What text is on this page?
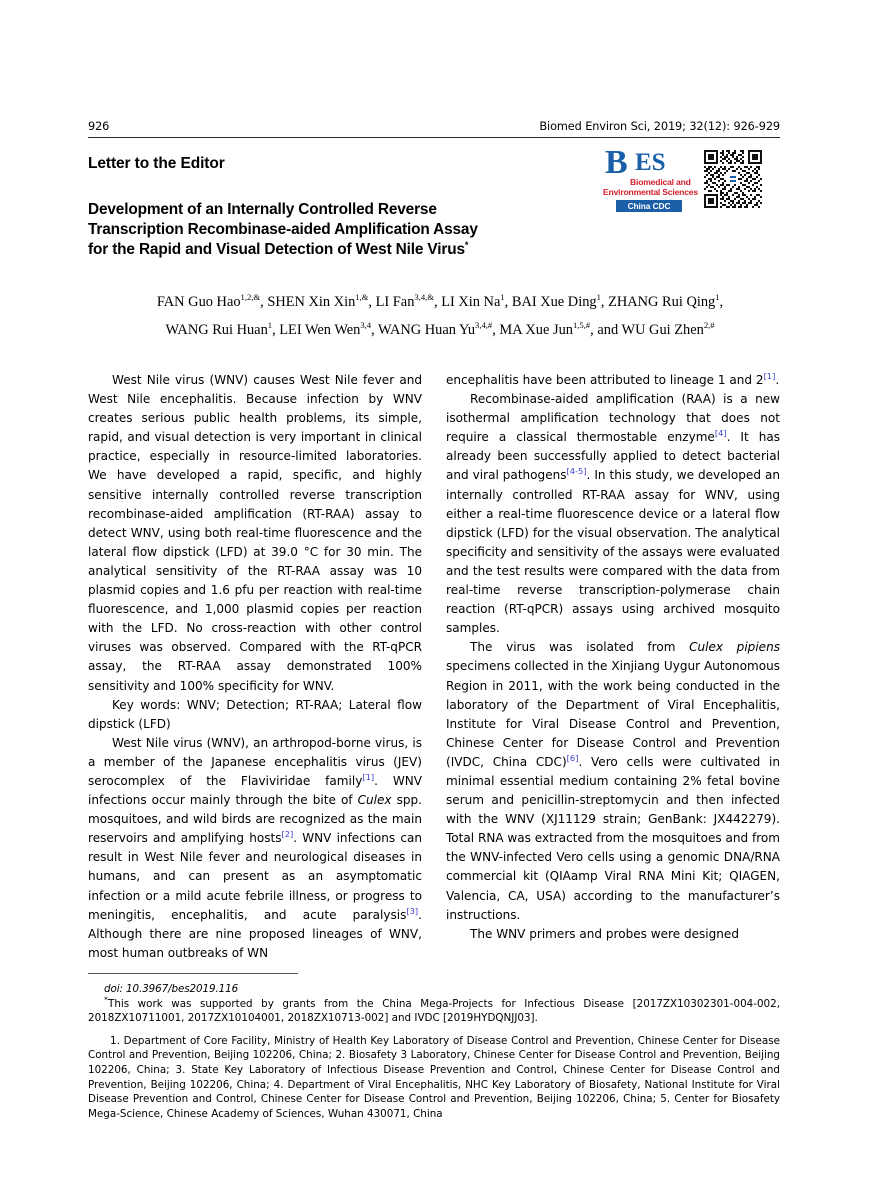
926	Biomed Environ Sci, 2019; 32(12): 926-929
Letter to the Editor	B ES
Biomedical and
Environmental Sciences
China CDC
Development of an Internally Controlled Reverse
Transcription Recombinase-aided Amplification Assay
for the Rapid and Visual Detection of West Nile Virus*
FAN Guo Hao$^{1,2,\&}$, SHEN Xin Xin$^{1,\&}$, LI Fan$^{3,4,\&}$, LI Xin Na$^1$, BAI Xue Ding$^1$, ZHANG Rui Qing$^1$,
WANG Rui Huan$^1$, LEI Wen Wen$^{3,4}$, WANG Huan $Yu^{3,4,\#}$, MA Xue Jun$^{1,5,\#}$, and WU Gui Zhen$^{2,\#}$

West Nile virus (WNV) causes West Nile fever and West Nile encephalitis. Because infection by WNV creates serious public health problems, its simple, rapid, and visual detection is very important in clinical practice, especially in resource-limited laboratories. We have developed a rapid, specific, and highly sensitive internally controlled reverse transcription recombinase-aided amplification (RT-RAA) assay to detect WNV, using both real-time fluorescence and the lateral flow dipstick (LFD) at 39.0 °C for 30 min. The analytical sensitivity of the RT-RAA assay was 10 plasmid copies and 1.6 pfu per reaction with real-time fluorescence, and 1,000 plasmid copies per reaction with the LFD. No cross-reaction with other control viruses was observed. Compared with the RT-qPCR assay, the RT-RAA assay demonstrated 100% sensitivity and 100% specificity for WNV.

Key words: WNV; Detection; RT-RAA; Lateral flow dipstick (LFD)

West Nile virus (WNV), an arthropod-borne virus, is a member of the Japanese encephalitis virus (JEV) serocomplex of the Flaviviridae family[1]. WNV infections occur mainly through the bite of Culex spp. mosquitoes, and wild birds are recognized as the main reservoirs and amplifying hosts[2]. WNV infections can result in West Nile fever and neurological diseases in humans, and can present as an asymptomatic infection or a mild acute febrile illness, or progress to meningitis, encephalitis, and acute paralysis[3]. Although there are nine proposed lineages of WNV, most human outbreaks of WN

encephalitis have been attributed to lineage 1 and 2[1].

Recombinase-aided amplification (RAA) is a new isothermal amplification technology that does not require a classical thermostable enzyme[4]. It has already been successfully applied to detect bacterial and viral pathogens[4-5]. In this study, we developed an internally controlled RT-RAA assay for WNV, using either a real-time fluorescence device or a lateral flow dipstick (LFD) for the visual observation. The analytical specificity and sensitivity of the assays were evaluated and the test results were compared with the data from real-time reverse transcription-polymerase chain reaction (RT-qPCR) assays using archived mosquito samples.

The virus was isolated from Culex pipiens specimens collected in the Xinjiang Uygur Autonomous Region in 2011, with the work being conducted in the laboratory of the Department of Viral Encephalitis, Institute for Viral Disease Control and Prevention, Chinese Center for Disease Control and Prevention (IVDC, China CDC)[6]. Vero cells were cultivated in minimal essential medium containing 2% fetal bovine serum and penicillin-streptomycin and then infected with the WNV (XJ11129 strain; GenBank: JX442279). Total RNA was extracted from the mosquitoes and from the WNV-infected Vero cells using a genomic DNA/RNA commercial kit (QIAamp Viral RNA Mini Kit; QIAGEN, Valencia, CA, USA) according to the manufacturer’s instructions.

The WNV primers and probes were designed

doi: 10.3967/bes2019.116

*This work was supported by grants from the China Mega-Projects for Infectious Disease [2017ZX10302301-004-002, 2018ZX10711001, 2017ZX10104001, 2018ZX10713-002] and IVDC [2019HYDQNJJ03].

1. Department of Core Facility, Ministry of Health Key Laboratory of Disease Control and Prevention, Chinese Center for Disease Control and Prevention, Beijing 102206, China; 2. Biosafety 3 Laboratory, Chinese Center for Disease Control and Prevention, Beijing 102206, China; 3. State Key Laboratory of Infectious Disease Prevention and Control, Chinese Center for Disease Control and Prevention, Beijing 102206, China; 4. Department of Viral Encephalitis, NHC Key Laboratory of Biosafety, National Institute for Viral Disease Prevention and Control, Chinese Center for Disease Control and Prevention, Beijing 102206, China; 5. Center for Biosafety Mega-Science, Chinese Academy of Sciences, Wuhan 430071, China
